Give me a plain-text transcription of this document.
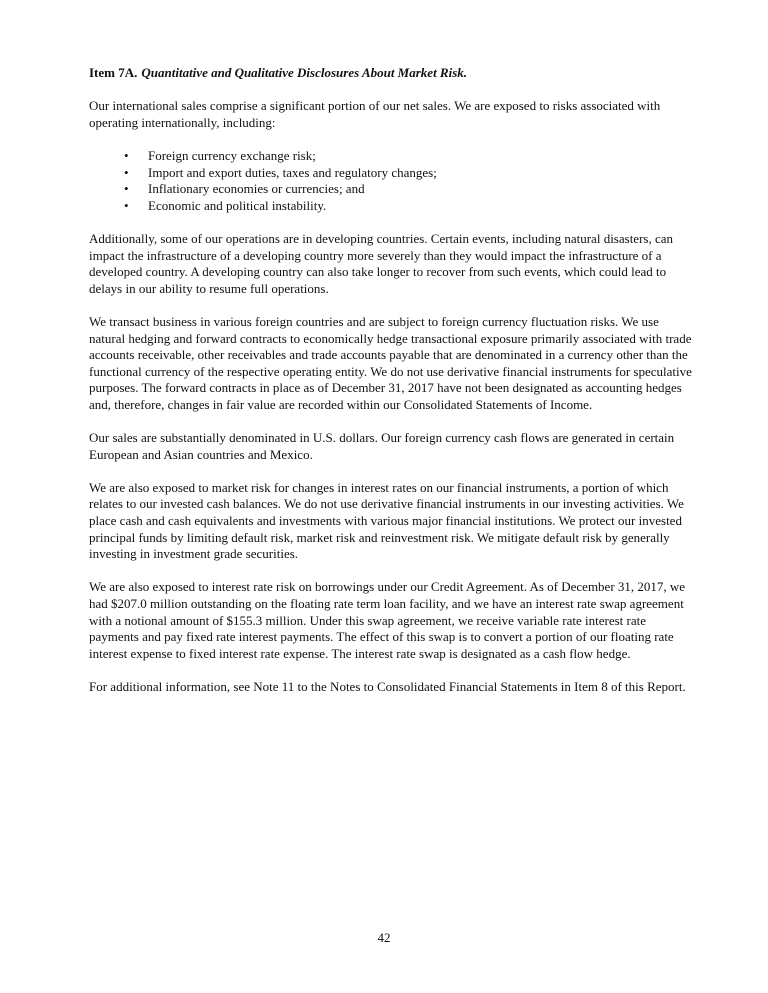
Item 7A. Quantitative and Qualitative Disclosures About Market Risk.
Our international sales comprise a significant portion of our net sales. We are exposed to risks associated with
operating internationally, including:
• Foreign currency exchange risk;
• Import and export duties, taxes and regulatory changes;
• Inflationary economies or currencies; and
• Economic and political instability.
Additionally, some of our operations are in developing countries. Certain events, including natural disasters, can
impact the infrastructure of a developing country more severely than they would impact the infrastructure of a
developed country. A developing country can also take longer to recover from such events, which could lead to
delays in our ability to resume full operations.
We transact business in various foreign countries and are subject to foreign currency fluctuation risks. We use
natural hedging and forward contracts to economically hedge transactional exposure primarily associated with trade
accounts receivable, other receivables and trade accounts payable that are denominated in a currency other than the
functional currency of the respective operating entity. We do not use derivative financial instruments for speculative
purposes. The forward contracts in place as of December 31, 2017 have not been designated as accounting hedges
and, therefore, changes in fair value are recorded within our Consolidated Statements of Income.
Our sales are substantially denominated in U.S. dollars. Our foreign currency cash flows are generated in certain
European and Asian countries and Mexico.
We are also exposed to market risk for changes in interest rates on our financial instruments, a portion of which
relates to our invested cash balances. We do not use derivative financial instruments in our investing activities. We
place cash and cash equivalents and investments with various major financial institutions. We protect our invested
principal funds by limiting default risk, market risk and reinvestment risk. We mitigate default risk by generally
investing in investment grade securities.
We are also exposed to interest rate risk on borrowings under our Credit Agreement. As of December 31, 2017, we
had $207.0 million outstanding on the floating rate term loan facility, and we have an interest rate swap agreement
with a notional amount of $155.3 million. Under this swap agreement, we receive variable rate interest rate
payments and pay fixed rate interest payments. The effect of this swap is to convert a portion of our floating rate
interest expense to fixed interest rate expense. The interest rate swap is designated as a cash flow hedge.
For additional information, see Note 11 to the Notes to Consolidated Financial Statements in Item 8 of this Report.
42
